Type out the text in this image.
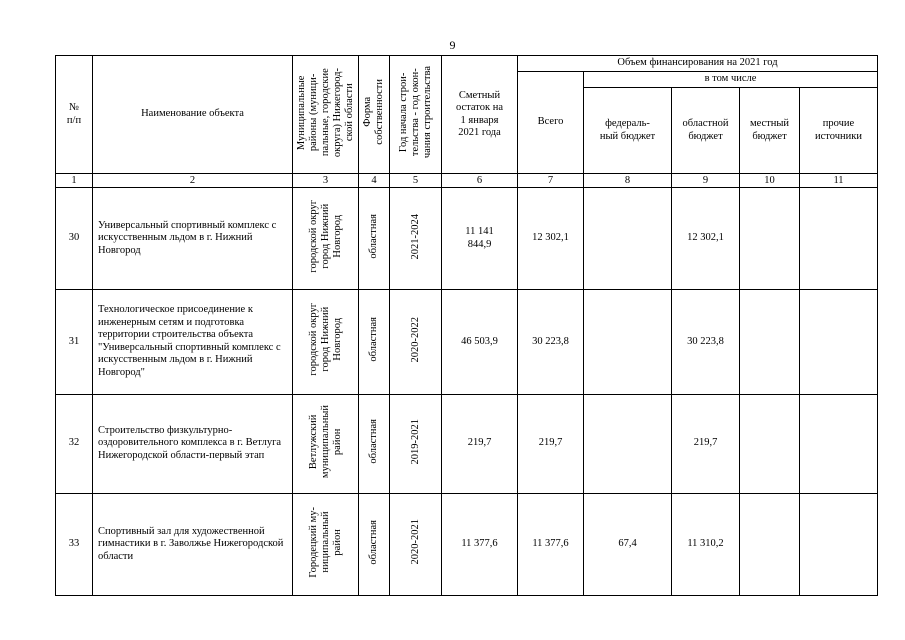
9
№
п/п	Наименование объекта	Муниципальные
районы (муници-
пальные, городские
округа) Нижегород-
ской области	Форма
собственности	Год начала строи-
тельства - год окон-
чания строительства	Сметный
остаток на
1 января
2021 года	Объем финансирования на 2021 год				
						Всего	в том числе			
							федераль-
ный бюджет	областной
бюджет	местный
бюджет	прочие
источники
1	2	3	4	5	6	7	8	9	10	11
30	Универсальный спортивный комплекс с искусственным льдом в г. Нижний Новгород	городской округ
город Нижний
Новгород	областная	2021-2024	11 141
844,9	12 302,1		12 302,1		
31	Технологическое присоединение к инженерным сетям и подготовка территории строительства объекта "Универсальный спортивный комплекс с искусственным льдом в г. Нижний Новгород"	городской округ
город Нижний
Новгород	областная	2020-2022	46 503,9	30 223,8		30 223,8		
32	Строительство физкультурно-оздоровительного комплекса в г. Ветлуга Нижегородской области-первый этап	Ветлужский
муниципальный
район	областная	2019-2021	219,7	219,7		219,7		
33	Спортивный зал для художественной гимнастики в г. Заволжье Нижегородской области	Городецкий му-
ниципальный
район	областная	2020-2021	11 377,6	11 377,6	67,4	11 310,2		
